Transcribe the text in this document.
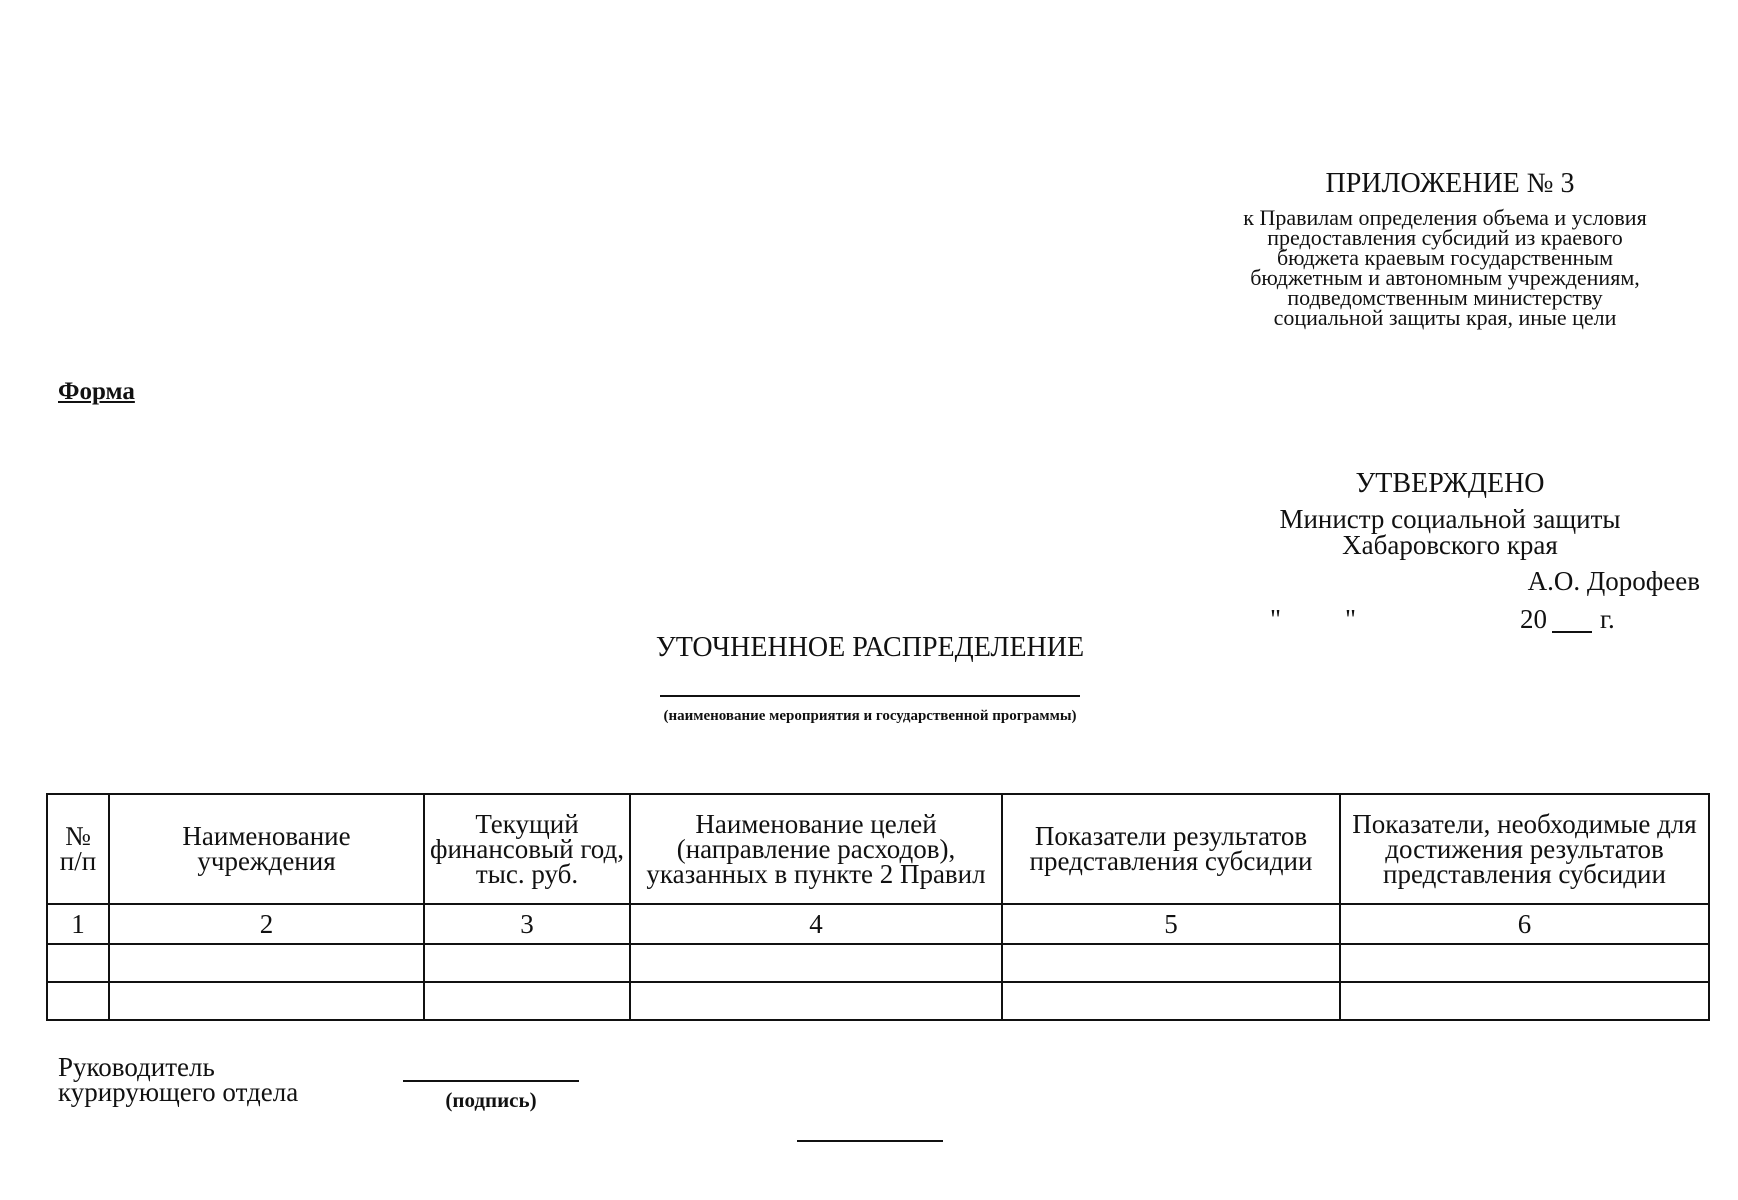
ПРИЛОЖЕНИЕ № 3
к Правилам определения объема и условия
предоставления субсидий из краевого
бюджета краевым государственным
бюджетным и автономным учреждениям,
подведомственным министерству
социальной защиты края, иные цели
Форма
УТВЕРЖДЕНО
Министр социальной защиты
Хабаровского края
А.О. Дорофеев
" "	20 г.
УТОЧНЕННОЕ РАСПРЕДЕЛЕНИЕ
(наименование мероприятия и государственной программы)
№ п/п	Наименование учреждения	Текущий финансовый год, тыс. руб.	Наименование целей (направление расходов), указанных в пункте 2 Правил	Показатели результатов представления субсидии	Показатели, необходимые для достижения результатов представления субсидии
1	2	3	4	5	6

Руководитель
курирующего отдела	(подпись)
